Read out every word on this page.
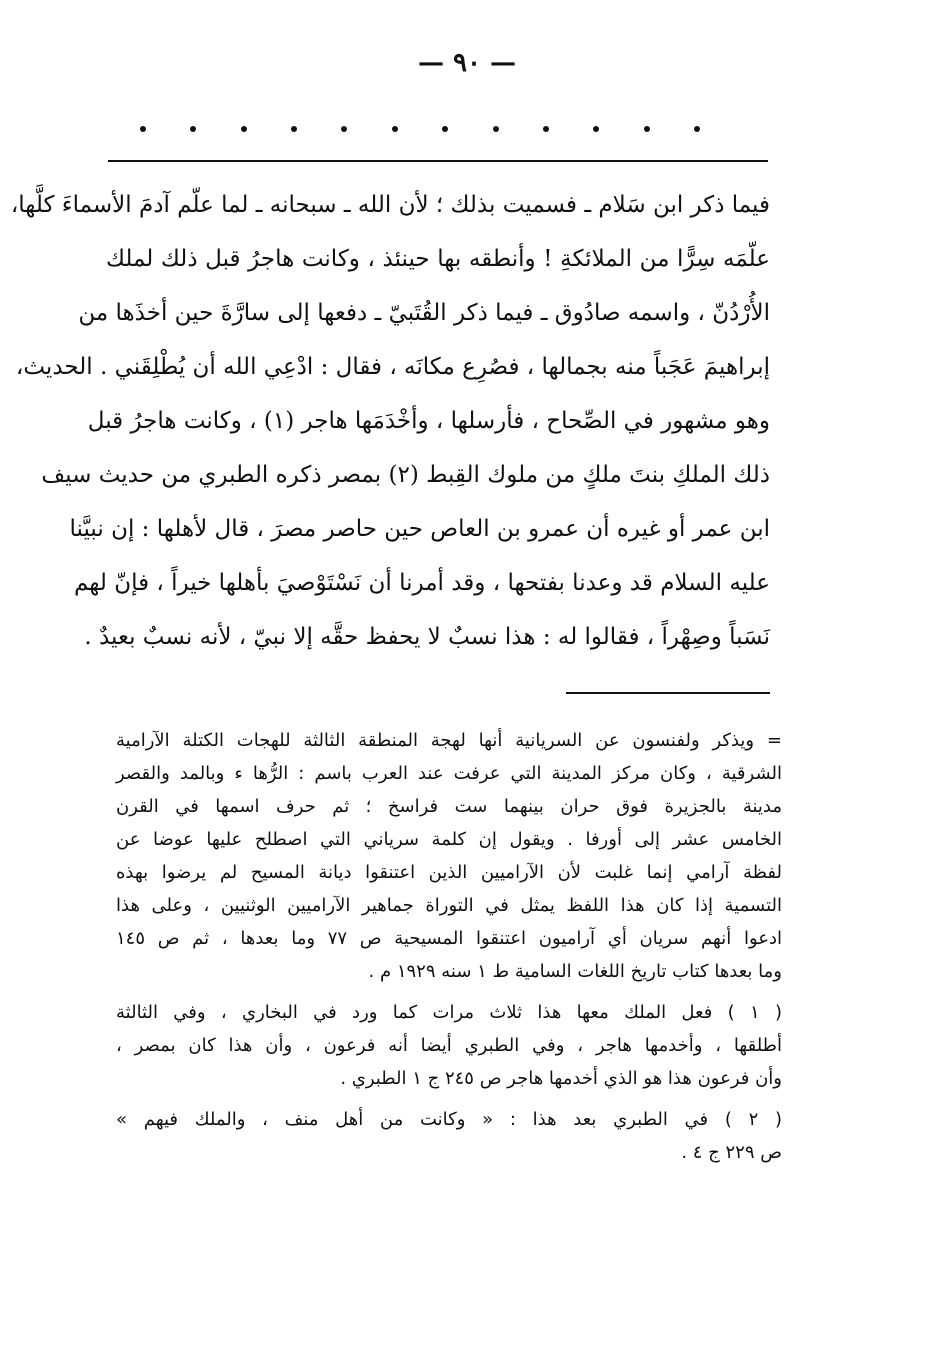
— ٩٠ —
فيما ذكر ابن سَلام ـ فسميت بذلك ؛ لأن الله ـ سبحانه ـ لما علّم آدمَ الأسماءَ كلَّها،
علّمَه سِرًّا من الملائكةِ ! وأنطقه بها حينئذ ، وكانت هاجرُ قبل ذلك لملك
الأُرْدُنّ ، واسمه صادُوق ـ فيما ذكر القُتَبيّ ـ دفعها إلى سارَّةَ حين أخذَها من
إبراهيمَ عَجَباً منه بجمالها ، فصُرِع مكانَه ، فقال : ادْعِي الله أن يُطْلِقَني . الحديث،
وهو مشهور في الصِّحاح ، فأرسلها ، وأخْدَمَها هاجر (١) ، وكانت هاجرُ قبل
ذلك الملكِ بنتَ ملكٍ من ملوك القِبط (٢) بمصر ذكره الطبري من حديث سيف
ابن عمر أو غيره أن عمرو بن العاص حين حاصر مصرَ ، قال لأهلها : إن نبيَّنا
عليه السلام قد وعدنا بفتحها ، وقد أمرنا أن نَسْتَوْصيَ بأهلها خيراً ، فإنّ لهم
نَسَباً وصِهْراً ، فقالوا له : هذا نسبٌ لا يحفظ حقَّه إلا نبيّ ، لأنه نسبٌ بعيدٌ .
= ويذكر ولفنسون عن السريانية أنها لهجة المنطقة الثالثة للهجات الكتلة الآرامية
الشرقية ، وكان مركز المدينة التي عرفت عند العرب باسم : الرُّها ء وبالمد والقصر
مدينة بالجزيرة فوق حران بينهما ست فراسخ ؛ ثم حرف اسمها في القرن
الخامس عشر إلى أورفا . ويقول إن كلمة سرياني التي اصطلح عليها عوضا عن
لفظة آرامي إنما غلبت لأن الآراميين الذين اعتنقوا ديانة المسيح لم يرضوا بهذه
التسمية إذا كان هذا اللفظ يمثل في التوراة جماهير الآراميين الوثنيين ، وعلى هذا
ادعوا أنهم سريان أي آراميون اعتنقوا المسيحية ص ٧٧ وما بعدها ، ثم ص ١٤٥
وما بعدها كتاب تاريخ اللغات السامية ط ١ سنه ١٩٢٩ م .
( ١ ) فعل الملك معها هذا ثلاث مرات كما ورد في البخاري ، وفي الثالثة
أطلقها ، وأخدمها هاجر ، وفي الطبري أيضا أنه فرعون ، وأن هذا كان بمصر ،
وأن فرعون هذا هو الذي أخدمها هاجر ص ٢٤٥ ج ١ الطبري .
( ٢ ) في الطبري بعد هذا : « وكانت من أهل منف ، والملك فيهم »
ص ٢٢٩ ج ٤ .
